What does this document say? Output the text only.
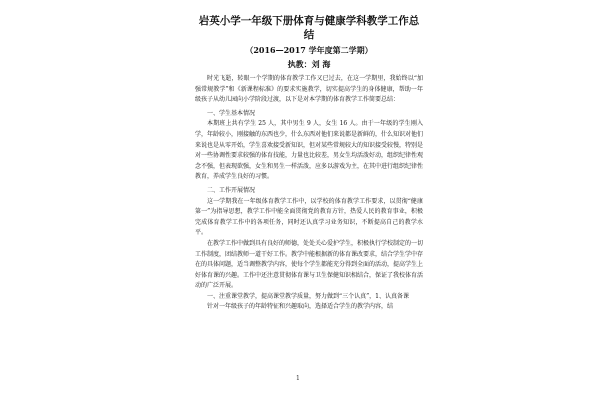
岩英小学一年级下册体育与健康学科教学工作总结

（2016—2017 学年度第二学期）

执教：刘 海

时光飞逝，转眼一个学期的体育教学工作又已过去，在这一学期里，我始终以“加强常规教学”和《新课程标准》的要求实施教学，切实提高学生的身体健康，帮助一年级孩子从幼儿园向小学阶段过渡，以下是对本学期的体育教学工作简要总结：

一、学生基本情况

本期班上共有学生 25 人，其中男生 9 人，女生 16 人。由于一年级的学生刚入学，年龄较小，刚接触的东西也少，什么东西对他们来说都是新鲜的，什么知识对他们来说也是从零开始，学生喜欢接受新知识，但对某些常规较大的知识接受较慢，特别是对一些协调性要求较强的体育技能，力量也比较差，男女生均活泼好动，组织纪律性观念不强，但表现欲强，女生和男生一样活泼，应多以游戏为主，在其中进行组织纪律性教育，养成学生良好的习惯。

二、工作开展情况

这一学期我在一年级体育教学工作中，以学校的体育教学工作要求，以贯彻“健康第一”为指导思想，教学工作中能全面贯彻党的教育方针，热爱人民的教育事业，积极完成体育教学工作中的各项任务，同时还认真学习业务知识，不断提高自己的教学水平。

在教学工作中做到具有良好的师德，处处关心爱护学生，积极执行学校制定的一切工作制度，团结教师一道干好工作。教学中能根据新的体育课改要求，结合学生学中存在的具体问题，适当调整教学内容，使每个学生都能充分得到全面的活动，提高学生上好体育课的兴趣。工作中还注意贯彻体育课与卫生保健知识相结合，保证了我校体育活动的广泛开展。

一、注重课堂教学，提高课堂教学质量，努力做到“三个认真”，1、认真备课

针对一年级孩子的年龄特征和兴趣取向，选择适合学生的教学内容，结

1
